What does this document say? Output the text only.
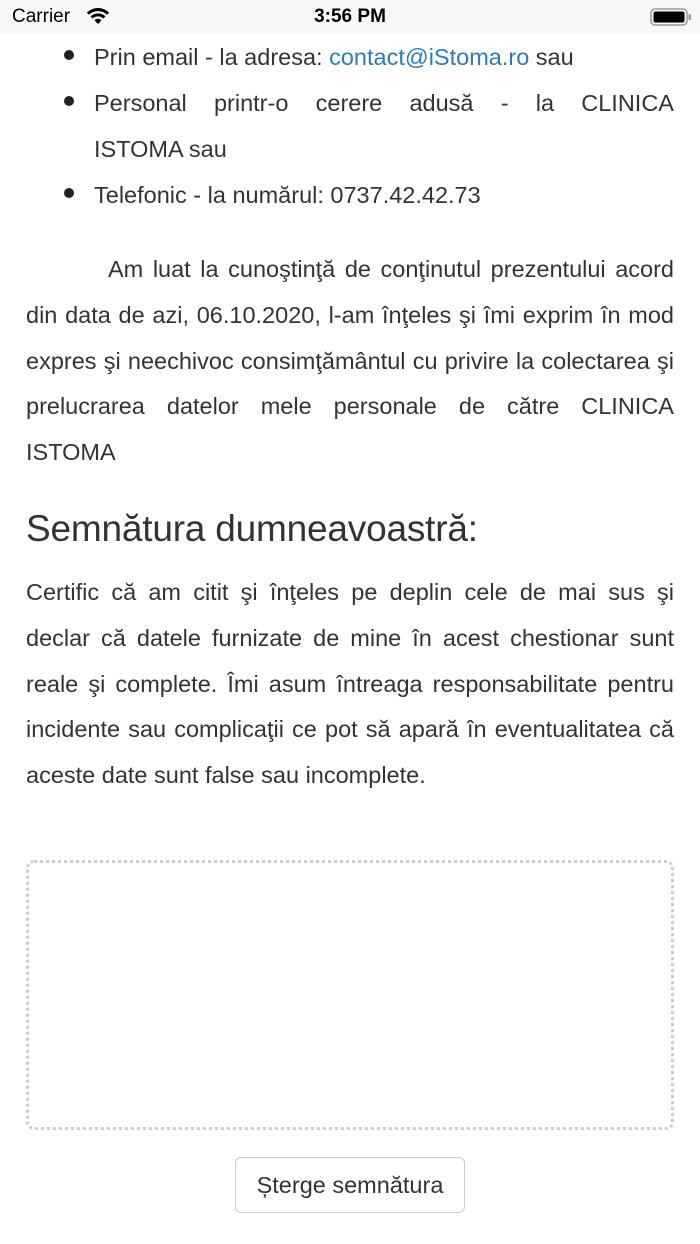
Carrier	3:56 PM
Prin email - la adresa: contact@iStoma.ro sau
Personal printr-o cerere adusă - la CLINICA
ISTOMA sau
Telefonic - la numărul: 0737.42.42.73

Am luat la cunoştinţă de conţinutul prezentului acord din data de azi, 06.10.2020, l-am înţeles şi îmi exprim în mod expres şi neechivoc consimţământul cu privire la colectarea şi prelucrarea datelor mele personale de către CLINICA ISTOMA

Semnătura dumneavoastră:

Certific că am citit şi înţeles pe deplin cele de mai sus şi declar că datele furnizate de mine în acest chestionar sunt reale şi complete. Îmi asum întreaga responsabilitate pentru incidente sau complicaţii ce pot să apară în eventualitatea că aceste date sunt false sau incomplete.

Șterge semnătura
